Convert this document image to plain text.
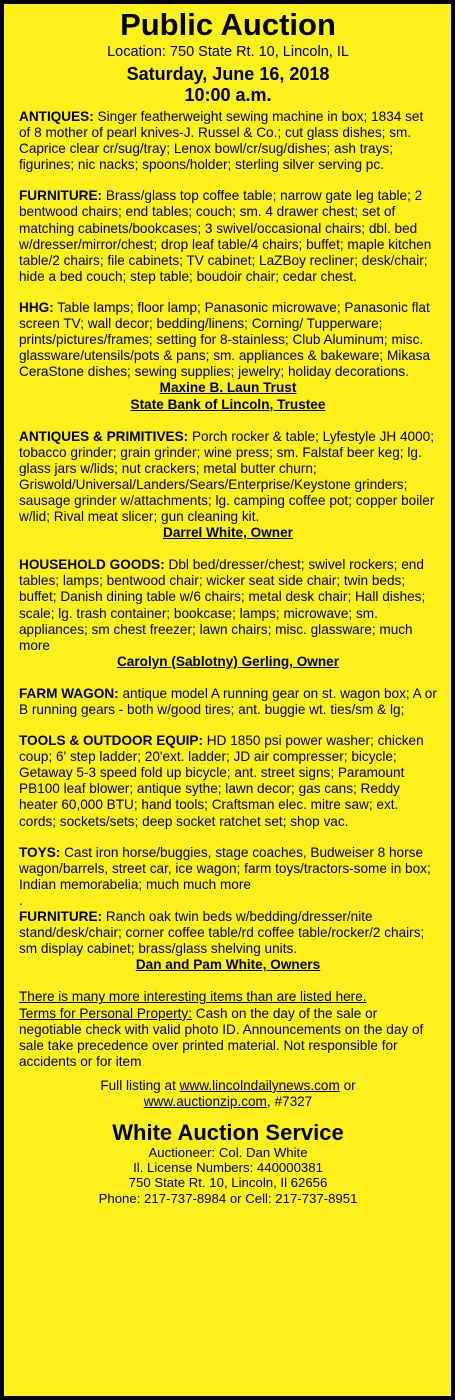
Public Auction
Location: 750 State Rt. 10, Lincoln, IL
Saturday, June 16, 2018
10:00 a.m.
ANTIQUES: Singer featherweight sewing machine in box; 1834 set of 8 mother of pearl knives-J. Russel & Co.; cut glass dishes; sm. Caprice clear cr/sug/tray; Lenox bowl/cr/sug/dishes; ash trays; figurines; nic nacks; spoons/holder; sterling silver serving pc.
FURNITURE: Brass/glass top coffee table; narrow gate leg table; 2 bentwood chairs; end tables; couch; sm. 4 drawer chest; set of matching cabinets/bookcases; 3 swivel/occasional chairs; dbl. bed w/dresser/mirror/chest; drop leaf table/4 chairs; buffet; maple kitchen table/2 chairs; file cabinets; TV cabinet; LaZBoy recliner; desk/chair; hide a bed couch; step table; boudoir chair; cedar chest.
HHG: Table lamps; floor lamp; Panasonic microwave; Panasonic flat screen TV; wall decor; bedding/linens; Corning/ Tupperware; prints/pictures/frames; setting for 8-stainless; Club Aluminum; misc. glassware/utensils/pots & pans; sm. appliances & bakeware; Mikasa CeraStone dishes; sewing supplies; jewelry; holiday decorations.
Maxine B. Laun Trust
State Bank of Lincoln, Trustee
ANTIQUES & PRIMITIVES: Porch rocker & table; Lyfestyle JH 4000; tobacco grinder; grain grinder; wine press; sm. Falstaf beer keg; lg. glass jars w/lids; nut crackers; metal butter churn; Griswold/Universal/Landers/Sears/Enterprise/Keystone grinders; sausage grinder w/attachments; lg. camping coffee pot; copper boiler w/lid; Rival meat slicer; gun cleaning kit.
Darrel White, Owner
HOUSEHOLD GOODS: Dbl bed/dresser/chest; swivel rockers; end tables; lamps; bentwood chair; wicker seat side chair; twin beds; buffet; Danish dining table w/6 chairs; metal desk chair; Hall dishes; scale; lg. trash container; bookcase; lamps; microwave; sm. appliances; sm chest freezer; lawn chairs; misc. glassware; much more
Carolyn (Sablotny) Gerling, Owner
FARM WAGON: antique model A running gear on st. wagon box; A or B running gears - both w/good tires; ant. buggie wt. ties/sm & lg;
TOOLS & OUTDOOR EQUIP: HD 1850 psi power washer; chicken coup; 6' step ladder; 20'ext. ladder; JD air compresser; bicycle; Getaway 5-3 speed fold up bicycle; ant. street signs; Paramount PB100 leaf blower; antique sythe; lawn decor; gas cans; Reddy heater 60,000 BTU; hand tools; Craftsman elec. mitre saw; ext. cords; sockets/sets; deep socket ratchet set; shop vac.
TOYS: Cast iron horse/buggies, stage coaches, Budweiser 8 horse wagon/barrels, street car, ice wagon; farm toys/tractors-some in box; Indian memorabelia; much much more
.
FURNITURE: Ranch oak twin beds w/bedding/dresser/nite stand/desk/chair; corner coffee table/rd coffee table/rocker/2 chairs; sm display cabinet; brass/glass shelving units.
Dan and Pam White, Owners
There is many more interesting items than are listed here.
Terms for Personal Property: Cash on the day of the sale or negotiable check with valid photo ID. Announcements on the day of sale take precedence over printed material. Not responsible for accidents or for item
Full listing at www.lincolndailynews.com or
www.auctionzip.com, #7327
White Auction Service
Auctioneer: Col. Dan White
Il. License Numbers: 440000381
750 State Rt. 10, Lincoln, Il 62656
Phone: 217-737-8984 or Cell: 217-737-8951
